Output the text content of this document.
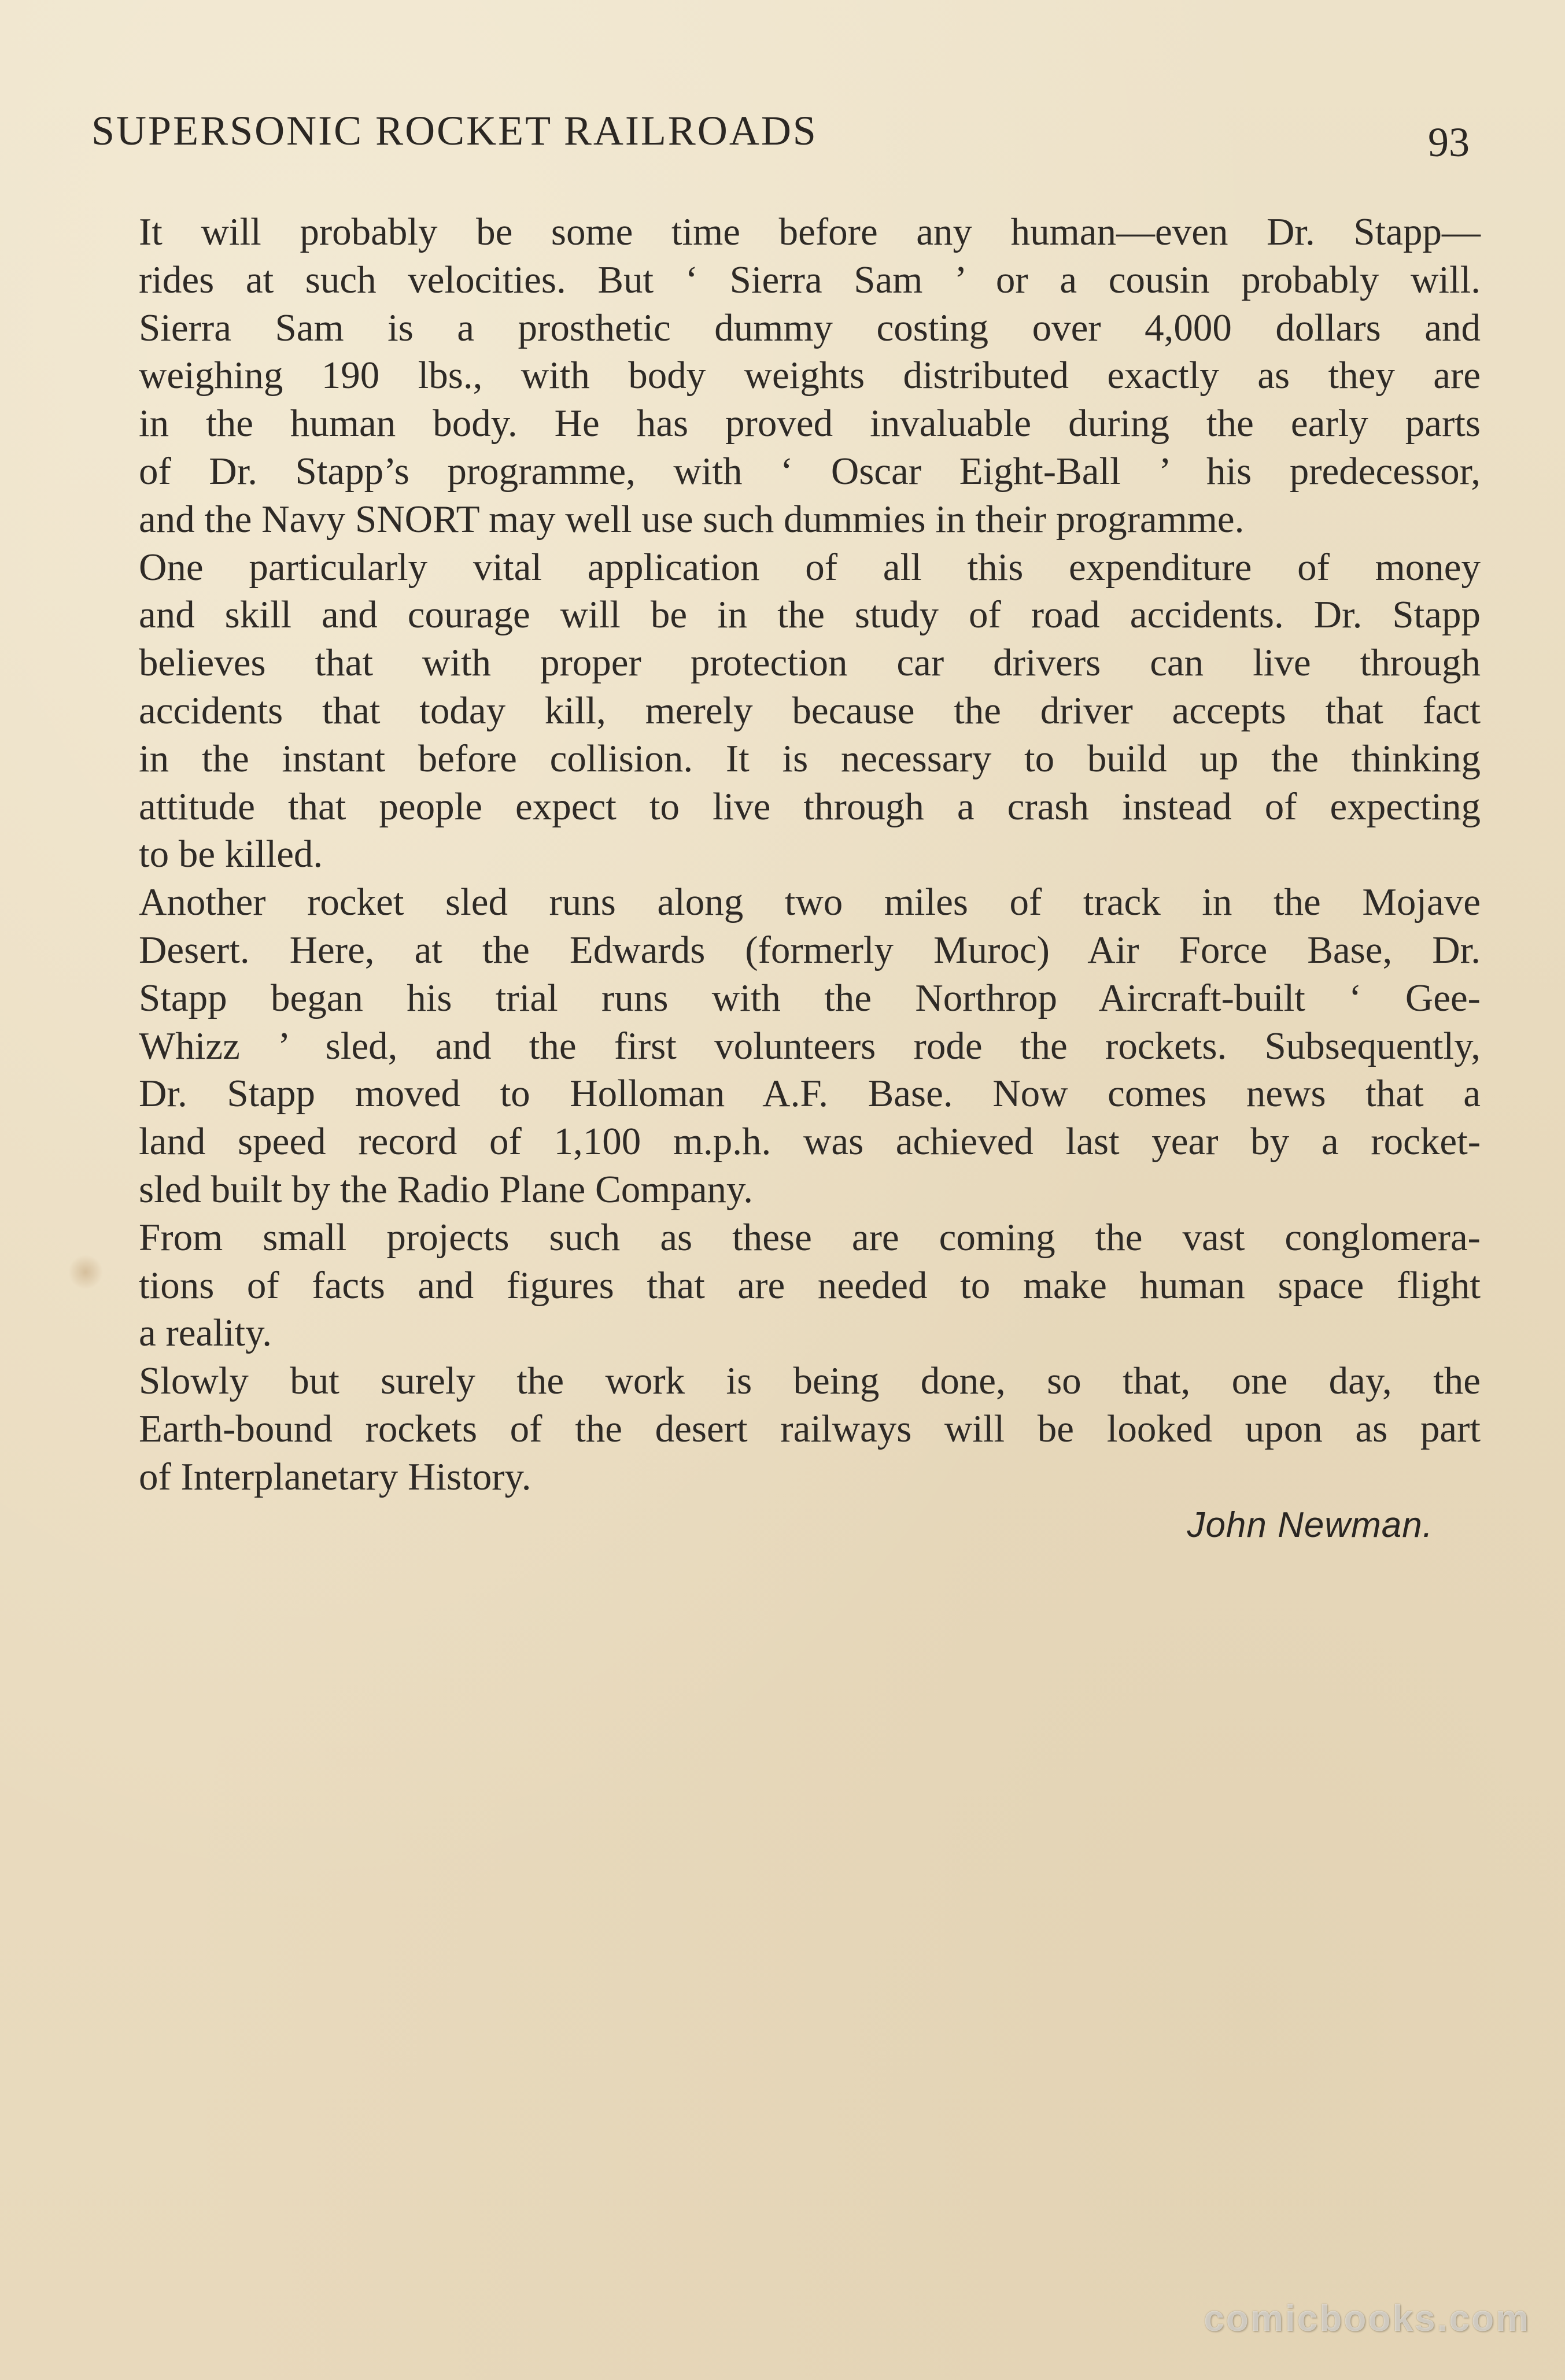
SUPERSONIC ROCKET RAILROADS	93

It will probably be some time before any human—even Dr. Stapp—
rides at such velocities. But ‘ Sierra Sam ’ or a cousin probably will.
Sierra Sam is a prosthetic dummy costing over 4,000 dollars and
weighing 190 lbs., with body weights distributed exactly as they are
in the human body. He has proved invaluable during the early parts
of Dr. Stapp’s programme, with ‘ Oscar Eight-Ball ’ his predecessor,
and the Navy SNORT may well use such dummies in their programme.

One particularly vital application of all this expenditure of money
and skill and courage will be in the study of road accidents. Dr. Stapp
believes that with proper protection car drivers can live through
accidents that today kill, merely because the driver accepts that fact
in the instant before collision. It is necessary to build up the thinking
attitude that people expect to live through a crash instead of expecting
to be killed.

Another rocket sled runs along two miles of track in the Mojave
Desert. Here, at the Edwards (formerly Muroc) Air Force Base, Dr.
Stapp began his trial runs with the Northrop Aircraft-built ‘ Gee-
Whizz ’ sled, and the first volunteers rode the rockets. Subsequently,
Dr. Stapp moved to Holloman A.F. Base. Now comes news that a
land speed record of 1,100 m.p.h. was achieved last year by a rocket-
sled built by the Radio Plane Company.

From small projects such as these are coming the vast conglomera-
tions of facts and figures that are needed to make human space flight
a reality.

Slowly but surely the work is being done, so that, one day, the
Earth-bound rockets of the desert railways will be looked upon as part
of Interplanetary History.

John Newman.
comicbooks.com
